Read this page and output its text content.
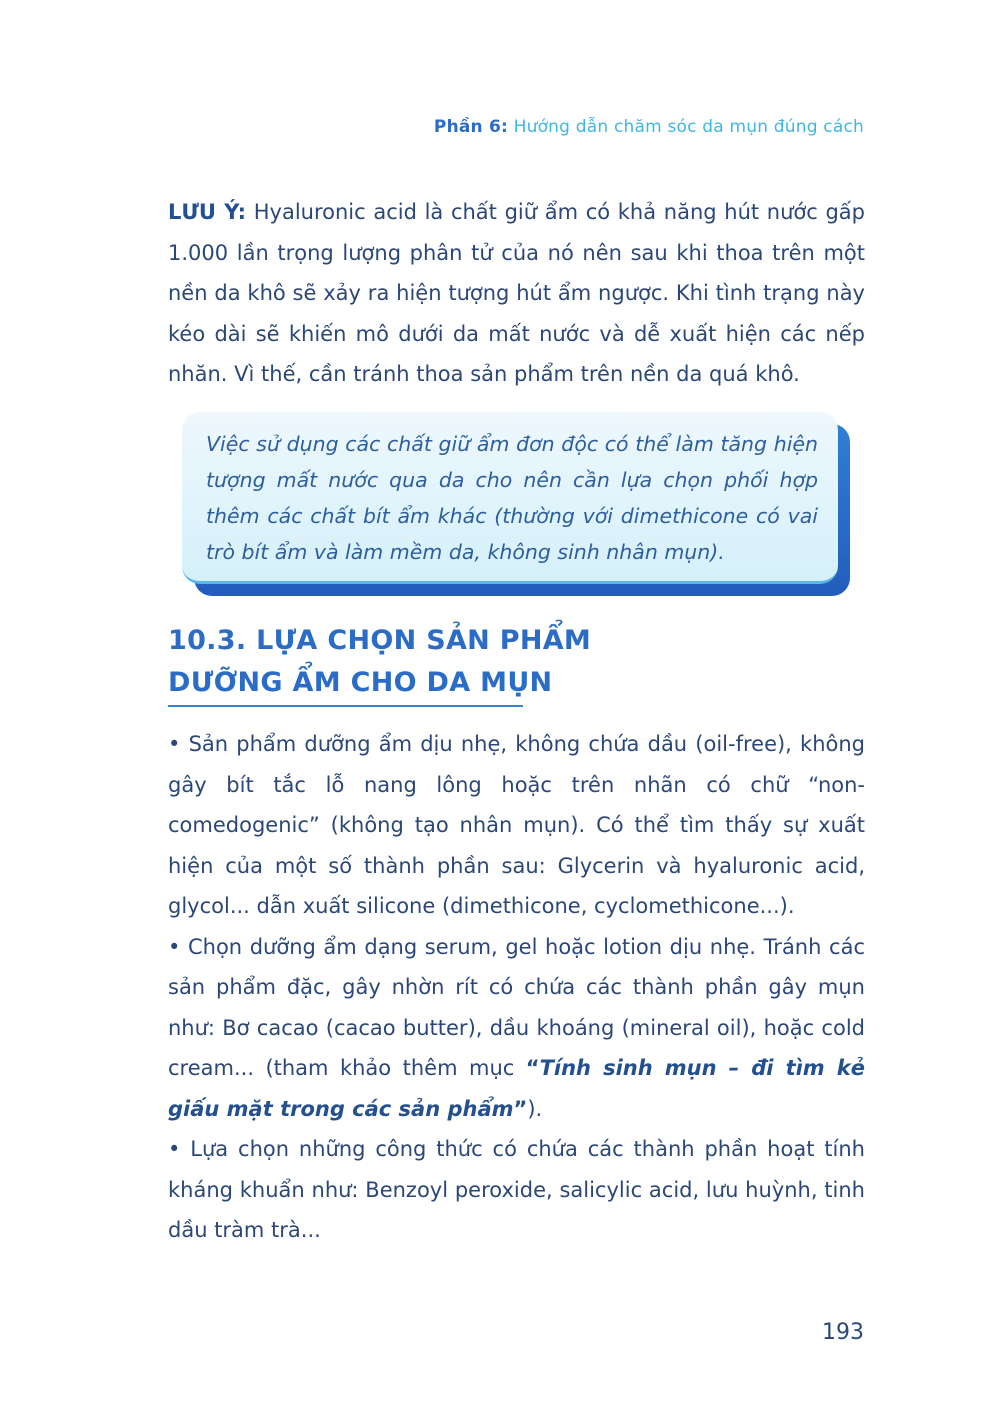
Phần 6: Hướng dẫn chăm sóc da mụn đúng cách
LƯU Ý: Hyaluronic acid là chất giữ ẩm có khả năng hút nước gấp 1.000 lần trọng lượng phân tử của nó nên sau khi thoa trên một nền da khô sẽ xảy ra hiện tượng hút ẩm ngược. Khi tình trạng này kéo dài sẽ khiến mô dưới da mất nước và dễ xuất hiện các nếp nhăn. Vì thế, cần tránh thoa sản phẩm trên nền da quá khô.
Việc sử dụng các chất giữ ẩm đơn độc có thể làm tăng hiện tượng mất nước qua da cho nên cần lựa chọn phối hợp thêm các chất bít ẩm khác (thường với dimethicone có vai trò bít ẩm và làm mềm da, không sinh nhân mụn).
10.3. LỰA CHỌN SẢN PHẨM
DƯỠNG ẨM CHO DA MỤN
• Sản phẩm dưỡng ẩm dịu nhẹ, không chứa dầu (oil-free), không gây bít tắc lỗ nang lông hoặc trên nhãn có chữ “non-comedogenic” (không tạo nhân mụn). Có thể tìm thấy sự xuất hiện của một số thành phần sau: Glycerin và hyaluronic acid, glycol... dẫn xuất silicone (dimethicone, cyclomethicone...).
• Chọn dưỡng ẩm dạng serum, gel hoặc lotion dịu nhẹ. Tránh các sản phẩm đặc, gây nhờn rít có chứa các thành phần gây mụn như: Bơ cacao (cacao butter), dầu khoáng (mineral oil), hoặc cold cream... (tham khảo thêm mục “Tính sinh mụn – đi tìm kẻ giấu mặt trong các sản phẩm”).
• Lựa chọn những công thức có chứa các thành phần hoạt tính kháng khuẩn như: Benzoyl peroxide, salicylic acid, lưu huỳnh, tinh dầu tràm trà...
193
